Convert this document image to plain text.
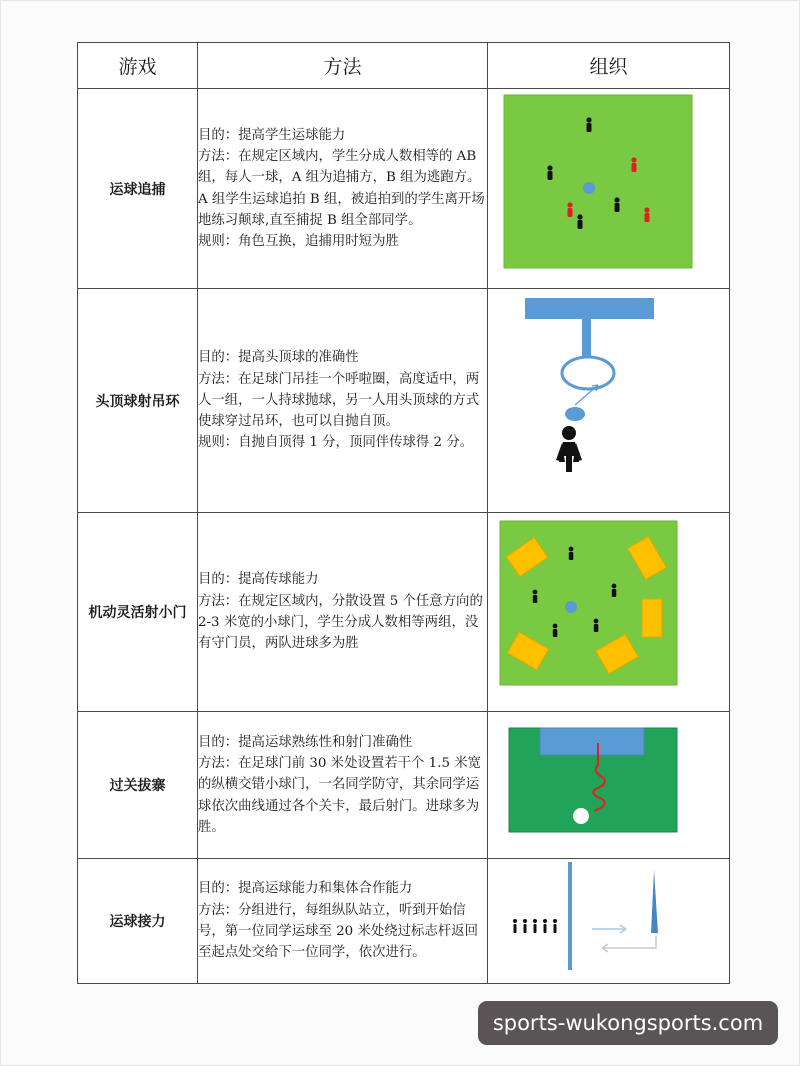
游戏	方法	组织
运球追捕	目的：提高学生运球能力
方法：在规定区域内，学生分成人数相等的 AB 组，每人一球，A 组为追捕方，B 组为逃跑方。A 组学生运球追拍 B 组，被追拍到的学生离开场地练习颠球,直至捕捉 B 组全部同学。
规则：角色互换，追捕用时短为胜

头顶球射吊环	目的：提高头顶球的准确性
方法：在足球门吊挂一个呼啦圈，高度适中，两人一组，一人持球抛球，另一人用头顶球的方式使球穿过吊环，也可以自抛自顶。
规则：自抛自顶得 1 分，顶同伴传球得 2 分。

机动灵活射小门	目的：提高传球能力
方法：在规定区域内，分散设置 5 个任意方向的 2-3 米宽的小球门，学生分成人数相等两组，没有守门员，两队进球多为胜

过关拔寨	目的：提高运球熟练性和射门准确性
方法：在足球门前 30 米处设置若干个 1.5 米宽的纵横交错小球门，一名同学防守，其余同学运球依次曲线通过各个关卡，最后射门。进球多为胜。

运球接力	目的：提高运球能力和集体合作能力
方法：分组进行，每组纵队站立，听到开始信号，第一位同学运球至 20 米处绕过标志杆返回至起点处交给下一位同学，依次进行。

sports-wukongsports.com
